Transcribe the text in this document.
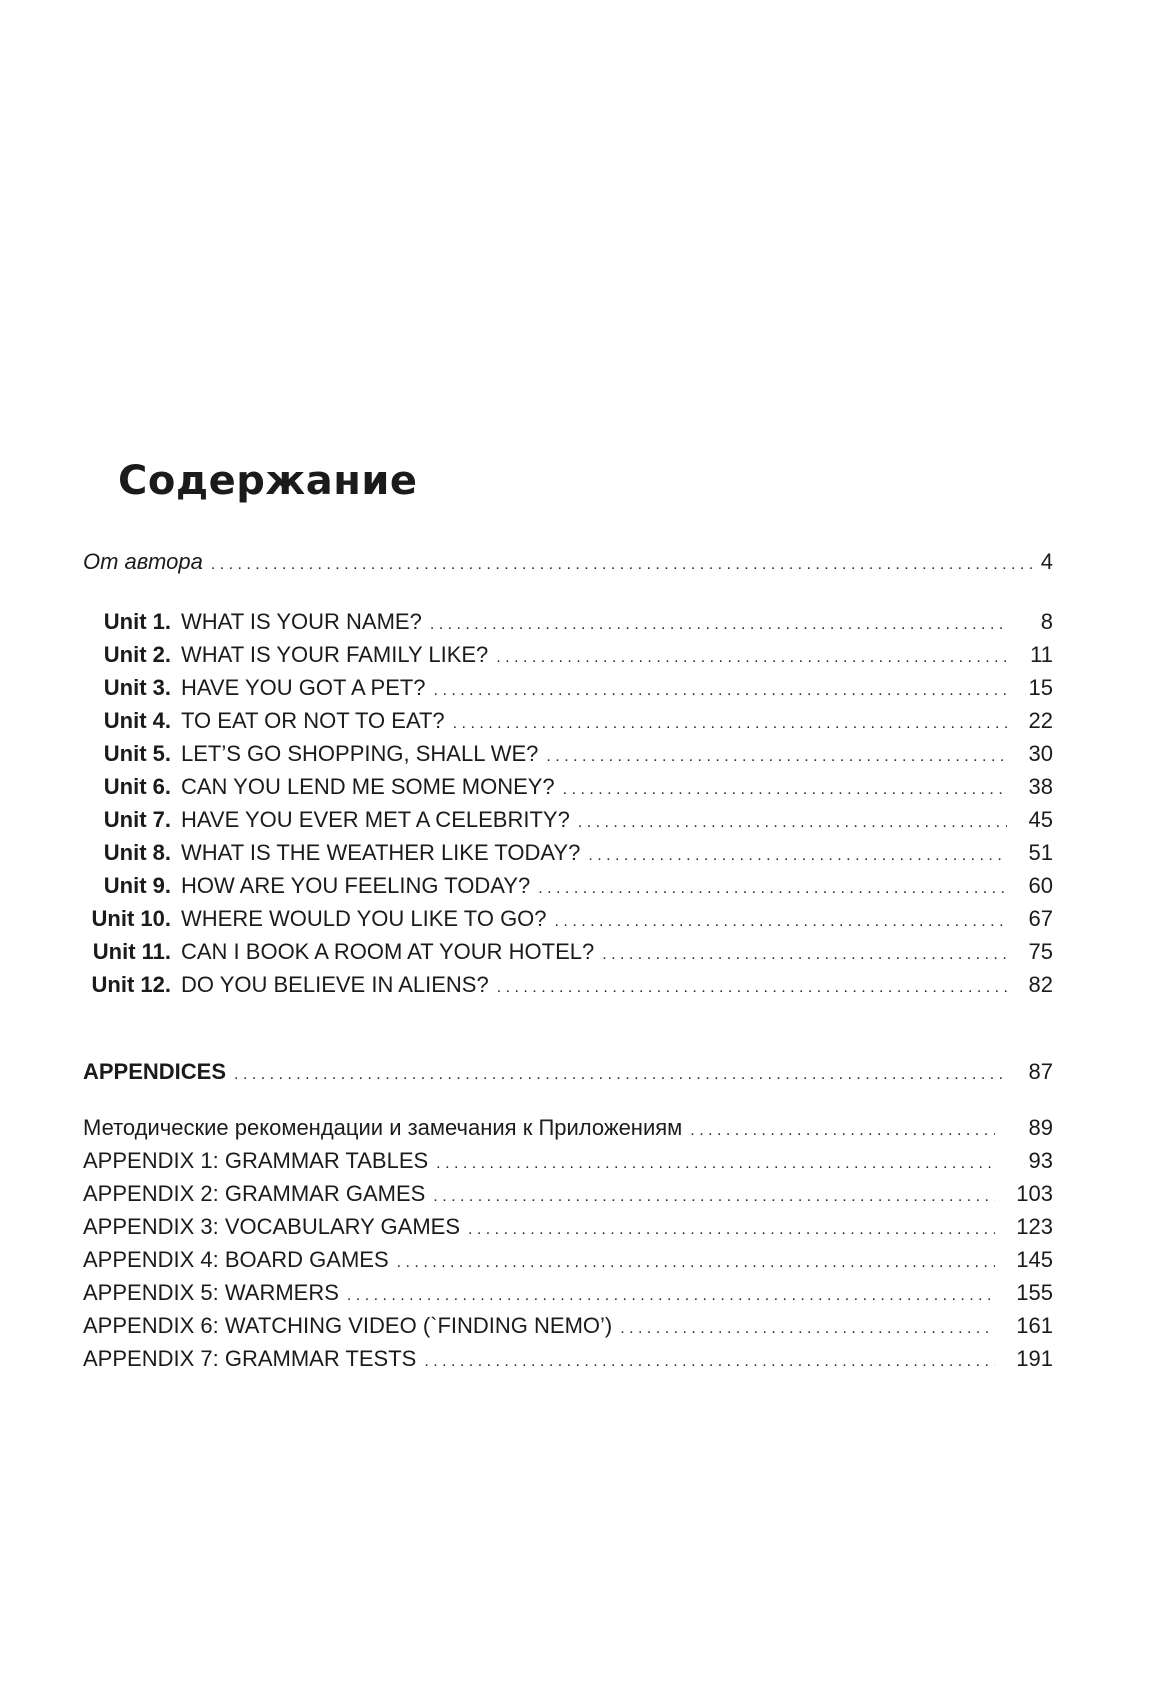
Содержание
От автора . . .	4
Unit 1. WHAT IS YOUR NAME? . . .	8
Unit 2. WHAT IS YOUR FAMILY LIKE? . . .	11
Unit 3. HAVE YOU GOT A PET? . . .	15
Unit 4. TO EAT OR NOT TO EAT? . . .	22
Unit 5. LET’S GO SHOPPING, SHALL WE? . . .	30
Unit 6. CAN YOU LEND ME SOME MONEY? . . .	38
Unit 7. HAVE YOU EVER MET A CELEBRITY? . . .	45
Unit 8. WHAT IS THE WEATHER LIKE TODAY? . . .	51
Unit 9. HOW ARE YOU FEELING TODAY? . . .	60
Unit 10. WHERE WOULD YOU LIKE TO GO? . . .	67
Unit 11. CAN I BOOK A ROOM AT YOUR HOTEL? . . .	75
Unit 12. DO YOU BELIEVE IN ALIENS? . . .	82
APPENDICES . . .	87
Методические рекомендации и замечания к Приложениям . . .	89
APPENDIX 1: GRAMMAR TABLES . . .	93
APPENDIX 2: GRAMMAR GAMES . . .	103
APPENDIX 3: VOCABULARY GAMES . . .	123
APPENDIX 4: BOARD GAMES . . .	145
APPENDIX 5: WARMERS . . .	155
APPENDIX 6: WATCHING VIDEO (`FINDING NEMO’) . . .	161
APPENDIX 7: GRAMMAR TESTS . . .	191
